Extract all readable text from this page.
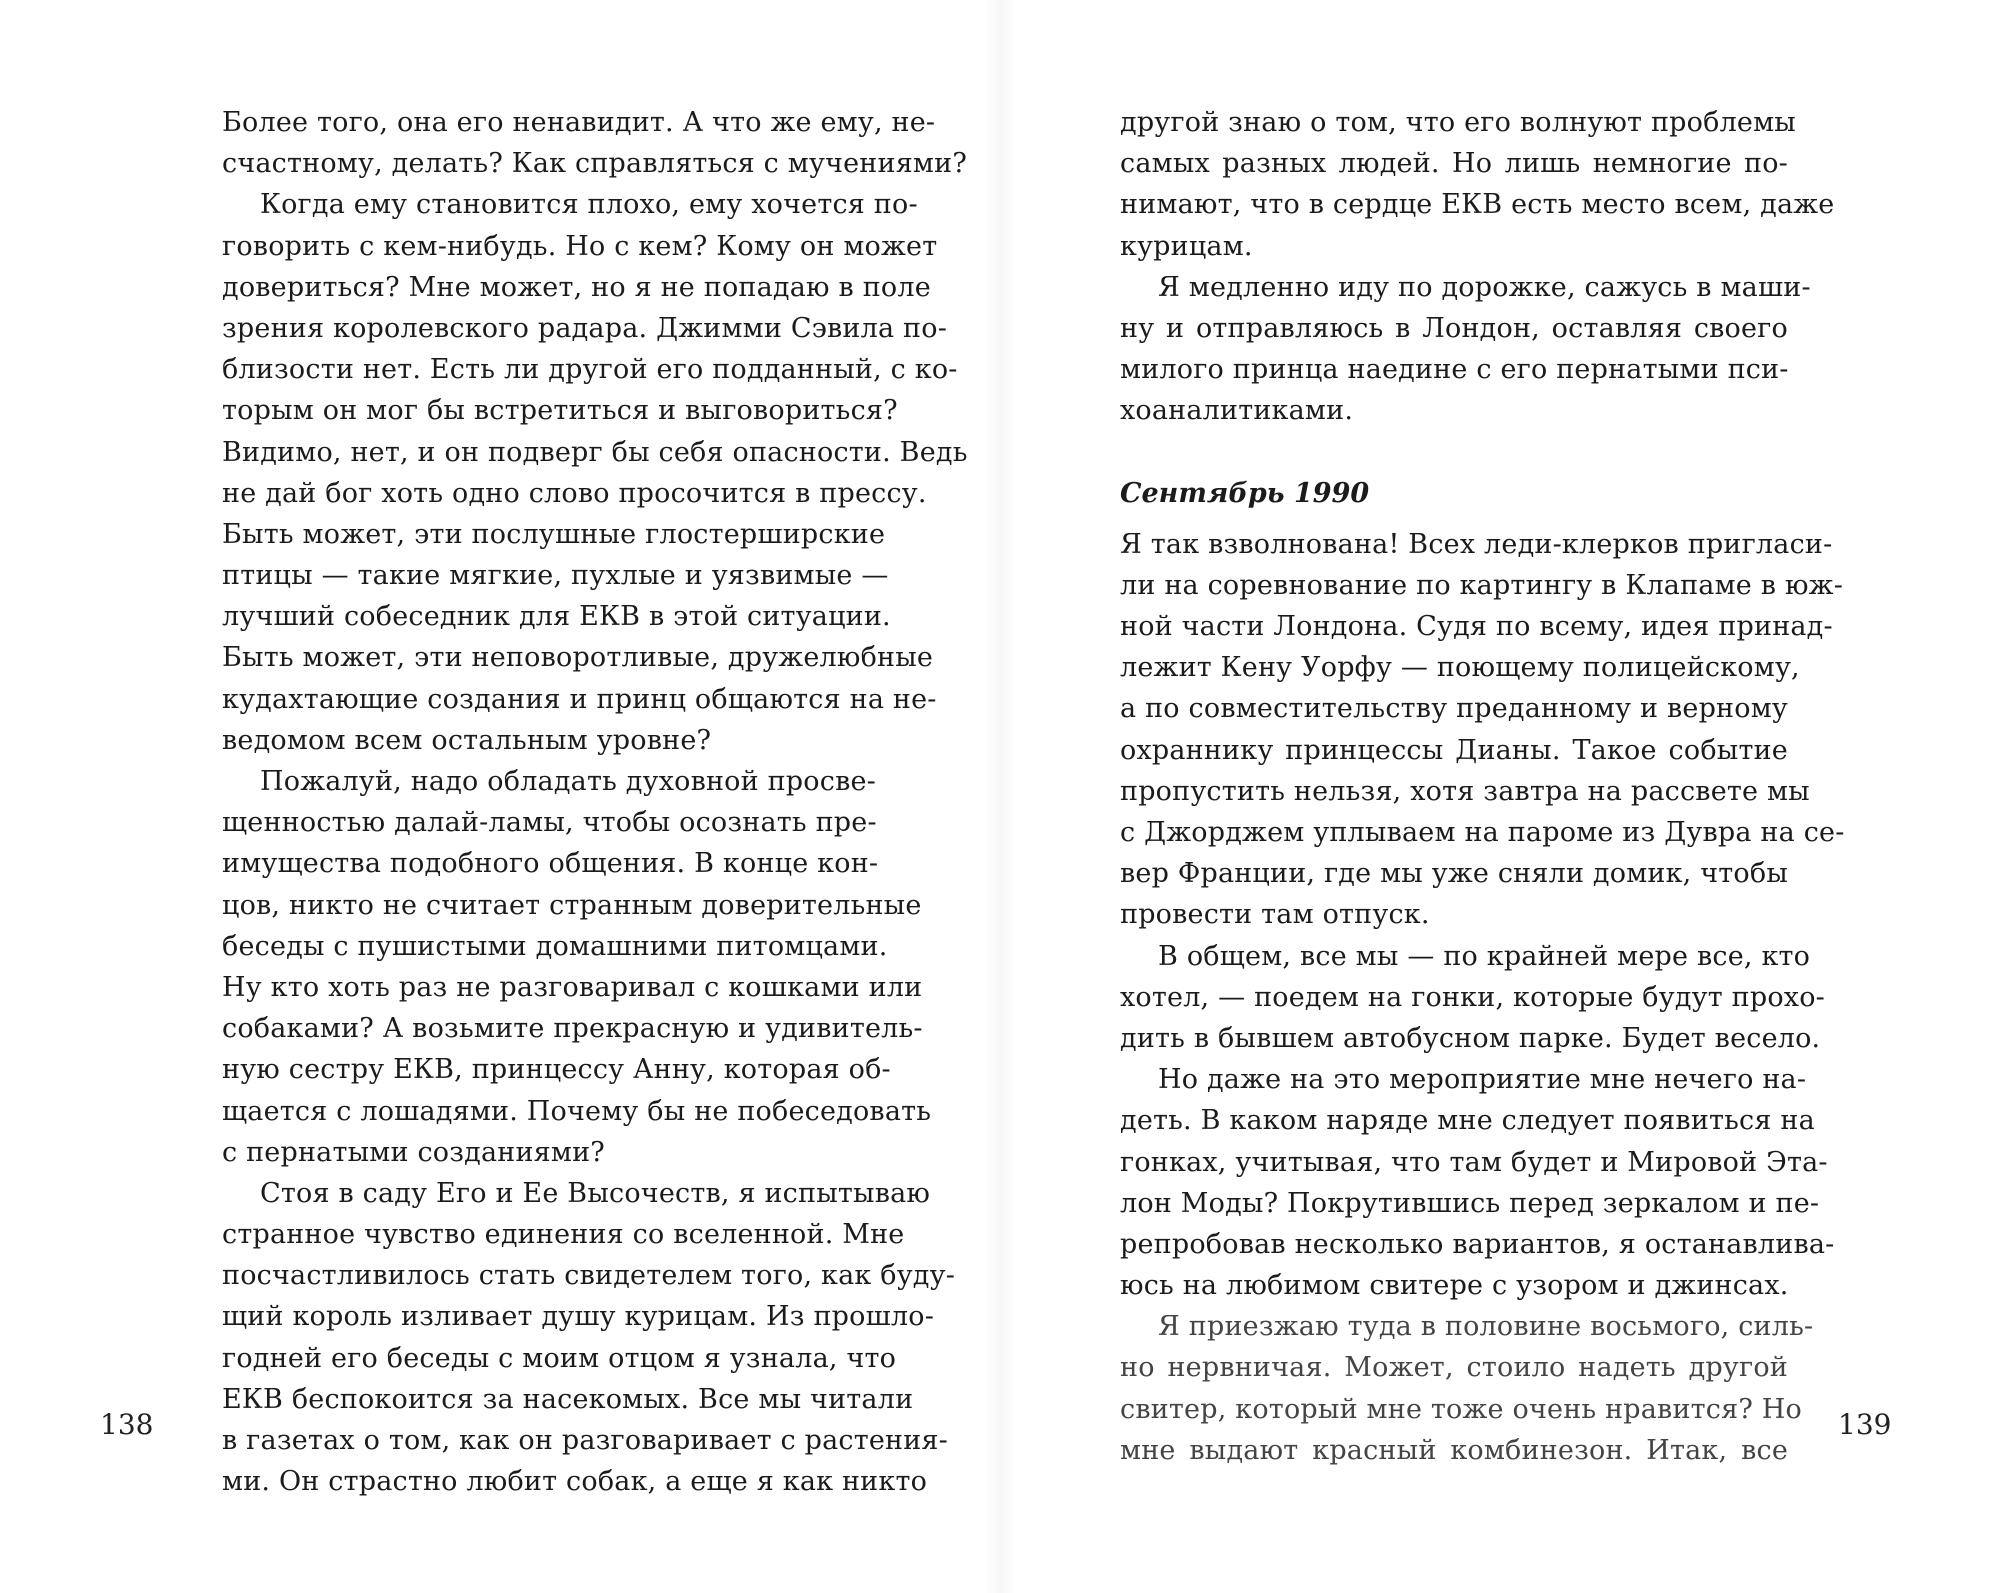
Более того, она его ненавидит. А что же ему, не-
счастному, делать? Как справляться с мучениями?
Когда ему становится плохо, ему хочется по-
говорить с кем-нибудь. Но с кем? Кому он может
довериться? Мне может, но я не попадаю в поле
зрения королевского радара. Джимми Сэвила по-
близости нет. Есть ли другой его подданный, с ко-
торым он мог бы встретиться и выговориться?
Видимо, нет, и он подверг бы себя опасности. Ведь
не дай бог хоть одно слово просочится в прессу.
Быть может, эти послушные глостерширские
птицы — такие мягкие, пухлые и уязвимые —
лучший собеседник для ЕКВ в этой ситуации.
Быть может, эти неповоротливые, дружелюбные
кудахтающие создания и принц общаются на не-
ведомом всем остальным уровне?
Пожалуй, надо обладать духовной просве-
щенностью далай-ламы, чтобы осознать пре-
имущества подобного общения. В конце кон-
цов, никто не считает странным доверительные
беседы с пушистыми домашними питомцами.
Ну кто хоть раз не разговаривал с кошками или
собаками? А возьмите прекрасную и удивитель-
ную сестру ЕКВ, принцессу Анну, которая об-
щается с лошадями. Почему бы не побеседовать
с пернатыми созданиями?
Стоя в саду Его и Ее Высочеств, я испытываю
странное чувство единения со вселенной. Мне
посчастливилось стать свидетелем того, как буду-
щий король изливает душу курицам. Из прошло-
годней его беседы с моим отцом я узнала, что
ЕКВ беспокоится за насекомых. Все мы читали
в газетах о том, как он разговаривает с растения-
ми. Он страстно любит собак, а еще я как никто
138
другой знаю о том, что его волнуют проблемы
самых разных людей. Но лишь немногие по-
нимают, что в сердце ЕКВ есть место всем, даже
курицам.
Я медленно иду по дорожке, сажусь в маши-
ну и отправляюсь в Лондон, оставляя своего
милого принца наедине с его пернатыми пси-
хоаналитиками.
Сентябрь 1990
Я так взволнована! Всех леди-клерков пригласи-
ли на соревнование по картингу в Клапаме в юж-
ной части Лондона. Судя по всему, идея принад-
лежит Кену Уорфу — поющему полицейскому,
а по совместительству преданному и верному
охраннику принцессы Дианы. Такое событие
пропустить нельзя, хотя завтра на рассвете мы
с Джорджем уплываем на пароме из Дувра на се-
вер Франции, где мы уже сняли домик, чтобы
провести там отпуск.
В общем, все мы — по крайней мере все, кто
хотел, — поедем на гонки, которые будут прохо-
дить в бывшем автобусном парке. Будет весело.
Но даже на это мероприятие мне нечего на-
деть. В каком наряде мне следует появиться на
гонках, учитывая, что там будет и Мировой Эта-
лон Моды? Покрутившись перед зеркалом и пе-
репробовав несколько вариантов, я останавлива-
юсь на любимом свитере с узором и джинсах.
Я приезжаю туда в половине восьмого, силь-
но нервничая. Может, стоило надеть другой
свитер, который мне тоже очень нравится? Но
мне выдают красный комбинезон. Итак, все
139
